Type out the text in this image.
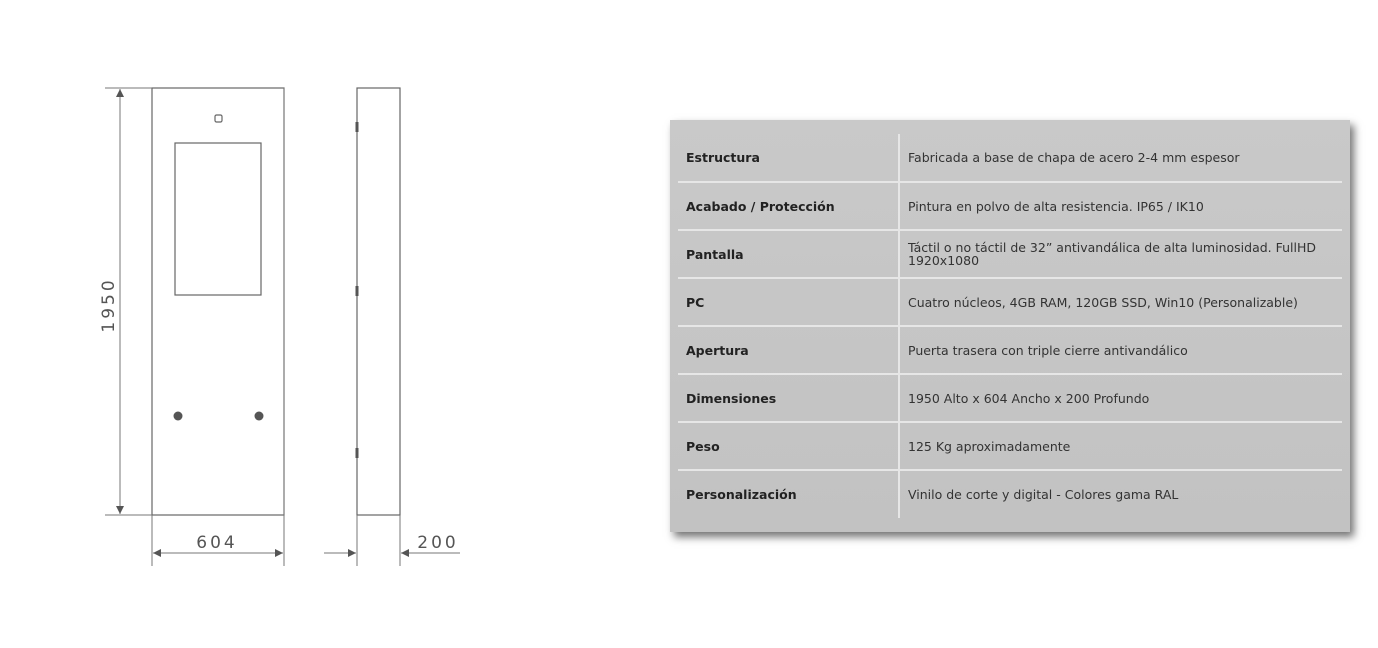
1950
604	200
Estructura	Fabricada a base de chapa de acero 2-4 mm espesor
Acabado / Protección	Pintura en polvo de alta resistencia. IP65 / IK10
Pantalla	Táctil o no táctil de 32” antivandálica de alta luminosidad. FullHD 1920x1080
PC	Cuatro núcleos, 4GB RAM, 120GB SSD, Win10 (Personalizable)
Apertura	Puerta trasera con triple cierre antivandálico
Dimensiones	1950 Alto x 604 Ancho x 200 Profundo
Peso	125 Kg aproximadamente
Personalización	Vinilo de corte y digital - Colores gama RAL
